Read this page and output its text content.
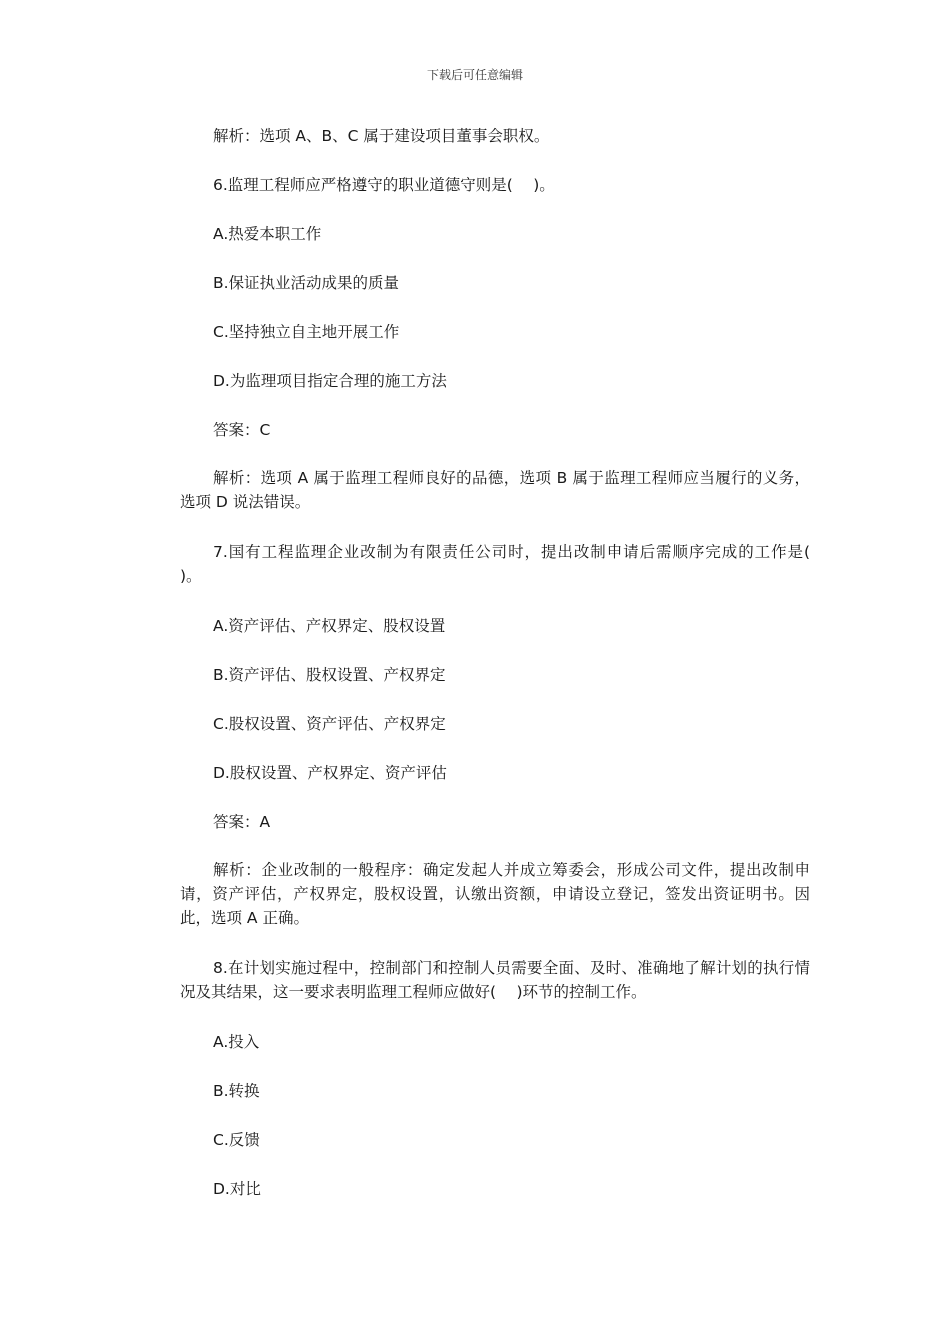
下载后可任意编辑

解析：选项 A、B、C 属于建设项目董事会职权。

6.监理工程师应严格遵守的职业道德守则是(　 )。

A.热爱本职工作

B.保证执业活动成果的质量

C.坚持独立自主地开展工作

D.为监理项目指定合理的施工方法

答案：C

解析：选项 A 属于监理工程师良好的品德，选项 B 属于监理工程师应当履行的义务，选项 D 说法错误。

7.国有工程监理企业改制为有限责任公司时，提出改制申请后需顺序完成的工作是(　 )。

A.资产评估、产权界定、股权设置

B.资产评估、股权设置、产权界定

C.股权设置、资产评估、产权界定

D.股权设置、产权界定、资产评估

答案：A

解析：企业改制的一般程序：确定发起人并成立筹委会，形成公司文件，提出改制申请，资产评估，产权界定，股权设置，认缴出资额，申请设立登记，签发出资证明书。因此，选项 A 正确。

8.在计划实施过程中，控制部门和控制人员需要全面、及时、准确地了解计划的执行情况及其结果，这一要求表明监理工程师应做好(　 )环节的控制工作。

A.投入

B.转换

C.反馈

D.对比
